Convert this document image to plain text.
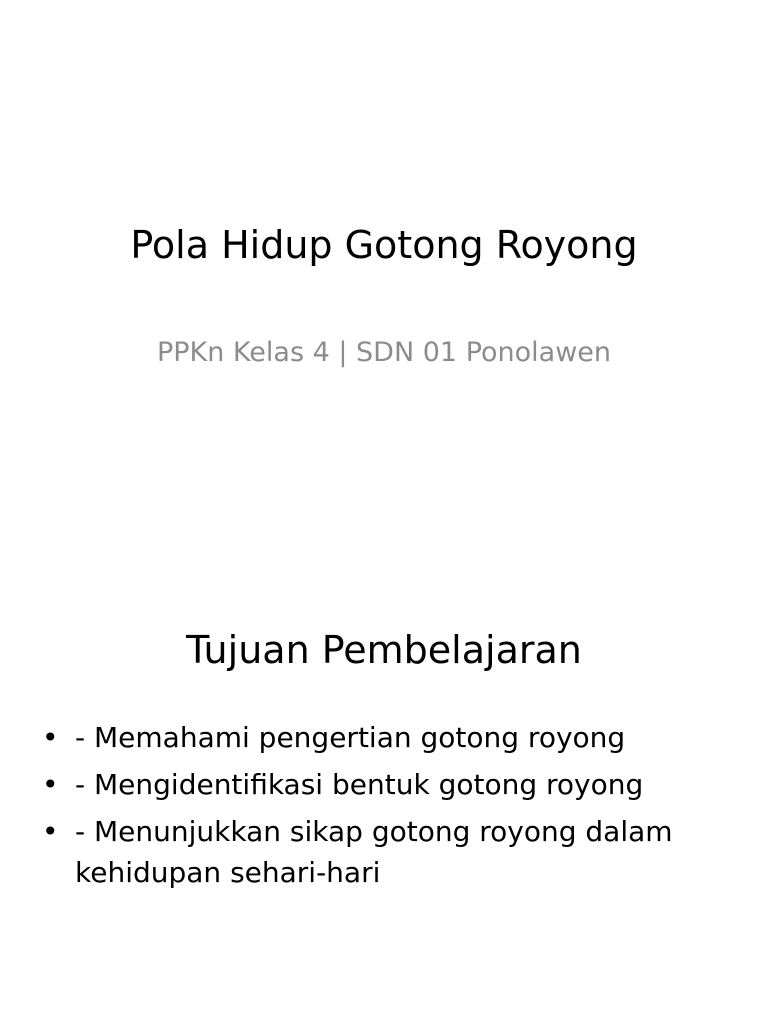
Pola Hidup Gotong Royong
PPKn Kelas 4 | SDN 01 Ponolawen
Tujuan Pembelajaran
• - Memahami pengertian gotong royong
• - Mengidentifikasi bentuk gotong royong
• - Menunjukkan sikap gotong royong dalam kehidupan sehari-hari
